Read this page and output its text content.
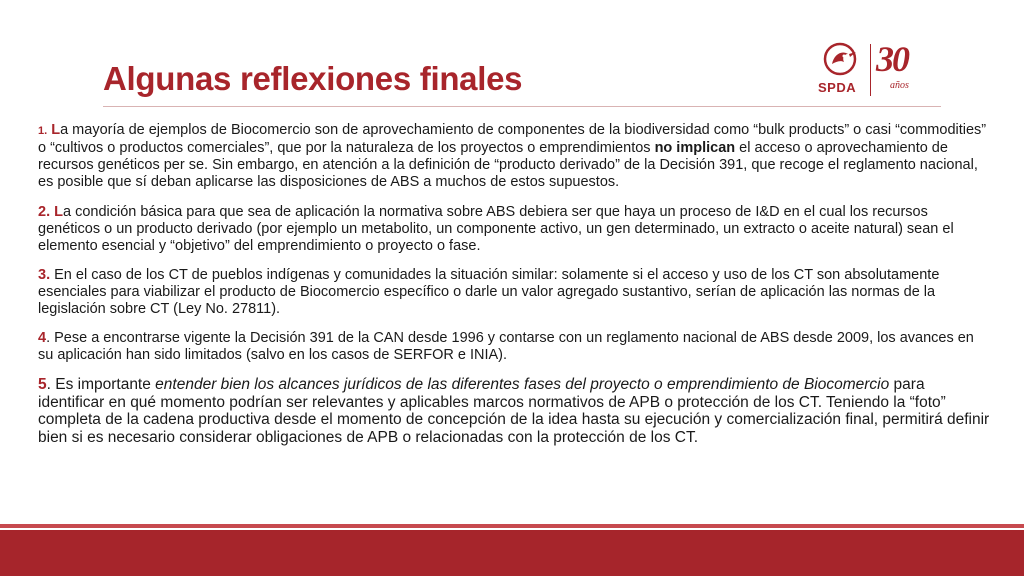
Algunas reflexiones finales	SPDA
30
años

1. La mayoría de ejemplos de Biocomercio son de aprovechamiento de componentes de la biodiversidad como “bulk products” o casi “commodities” o “cultivos o productos comerciales”, que por la naturaleza de los proyectos o emprendimientos no implican el acceso o aprovechamiento de recursos genéticos per se. Sin embargo, en atención a la definición de “producto derivado” de la Decisión 391, que recoge el reglamento nacional, es posible que sí deban aplicarse las disposiciones de ABS a muchos de estos supuestos.

2. La condición básica para que sea de aplicación la normativa sobre ABS debiera ser que haya un proceso de I&D en el cual los recursos genéticos o un producto derivado (por ejemplo un metabolito, un componente activo, un gen determinado, un extracto o aceite natural) sean el elemento esencial y “objetivo” del emprendimiento o proyecto o fase.

3. En el caso de los CT de pueblos indígenas y comunidades la situación similar: solamente si el acceso y uso de los CT son absolutamente esenciales para viabilizar el producto de Biocomercio específico o darle un valor agregado sustantivo, serían de aplicación las normas de la legislación sobre CT (Ley No. 27811).

4. Pese a encontrarse vigente la Decisión 391 de la CAN desde 1996 y contarse con un reglamento nacional de ABS desde 2009, los avances en su aplicación han sido limitados (salvo en los casos de SERFOR e INIA).

5. Es importante entender bien los alcances jurídicos de las diferentes fases del proyecto o emprendimiento de Biocomercio para identificar en qué momento podrían ser relevantes y aplicables marcos normativos de APB o protección de los CT. Teniendo la “foto” completa de la cadena productiva desde el momento de concepción de la idea hasta su ejecución y comercialización final, permitirá definir bien si es necesario considerar obligaciones de APB o relacionadas con la protección de los CT.
